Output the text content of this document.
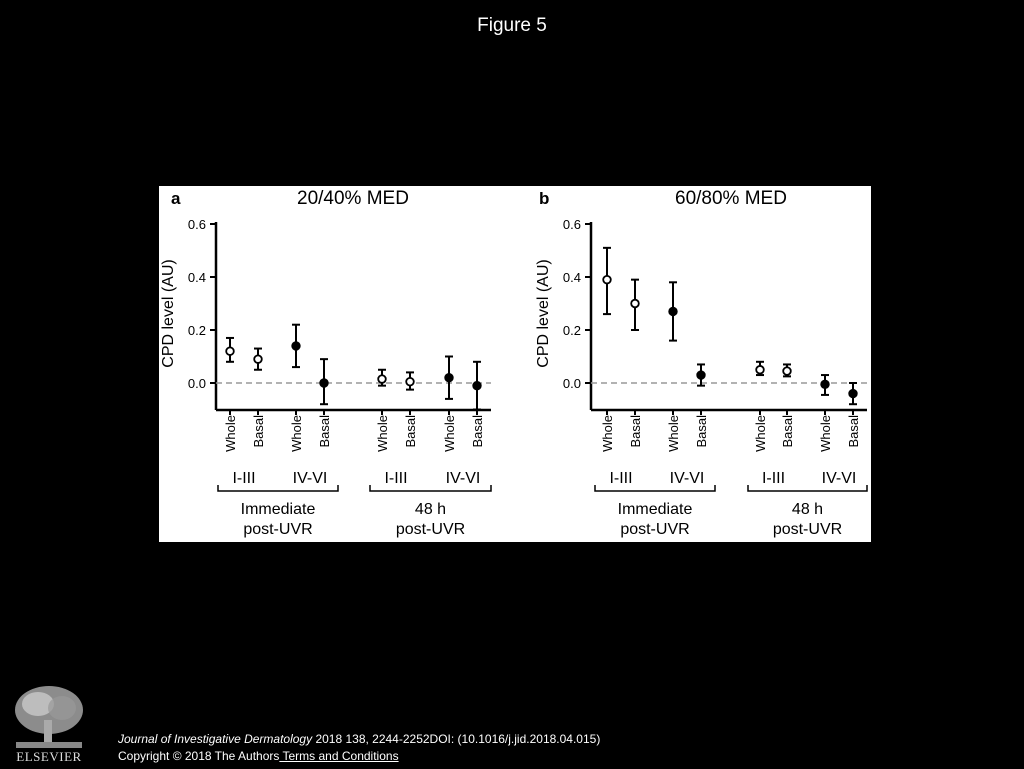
Figure 5
a	20/40% MED
0.6
0.4
0.2
0.0
CPD level (AU)
Whole Basal Whole Basal	Whole Basal Whole Basal
I-III IV-VI	I-III IV-VI
Immediate
post-UVR
48 h
post-UVR
b	60/80% MED
0.6
0.4
0.2
0.0
CPD level (AU)
Whole Basal Whole Basal	Whole Basal Whole Basal
I-III IV-VI	I-III IV-VI
Immediate
post-UVR
48 h
post-UVR
ELSEVIER
Journal of Investigative Dermatology 2018 138, 2244-2252DOI: (10.1016/j.jid.2018.04.015)
Copyright © 2018 The Authors Terms and Conditions
